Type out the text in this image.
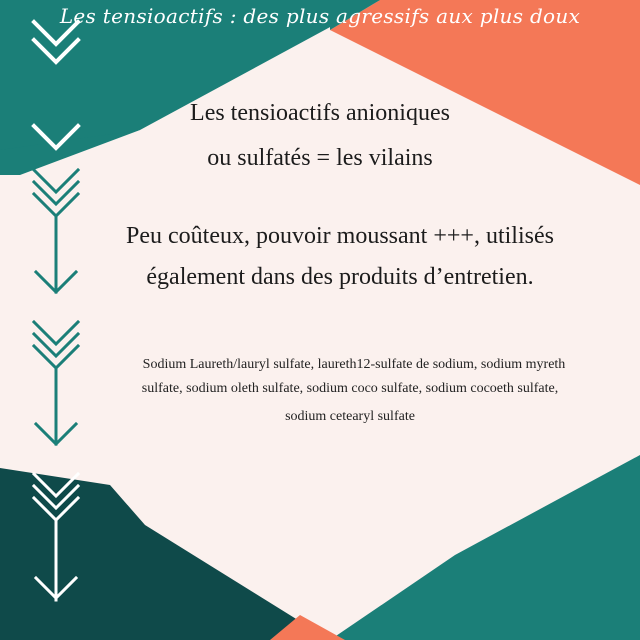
Les tensioactifs : des plus agressifs aux plus doux
Les tensioactifs anioniques
ou sulfatés = les vilains
Peu coûteux, pouvoir moussant +++, utilisés
également dans des produits d’entretien.
Sodium Laureth/lauryl sulfate, laureth12-sulfate de sodium, sodium myreth
sulfate, sodium oleth sulfate, sodium coco sulfate, sodium cocoeth sulfate,
sodium cetearyl sulfate
